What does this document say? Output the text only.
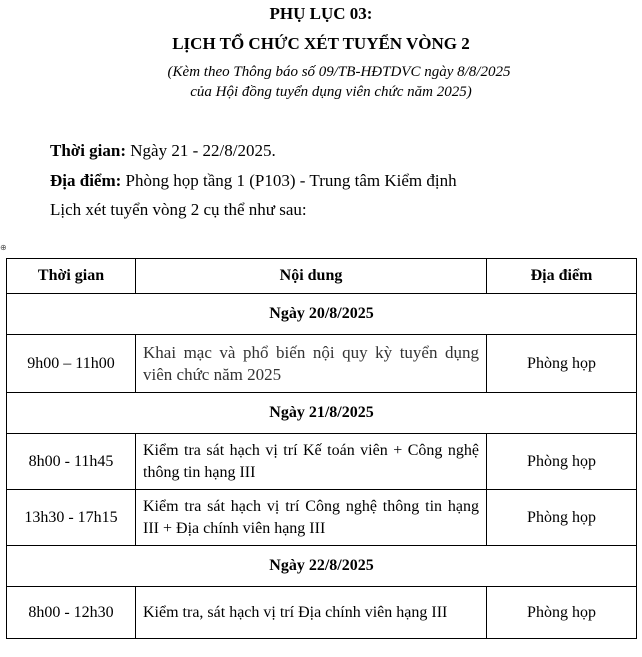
PHỤ LỤC 03:
LỊCH TỔ CHỨC XÉT TUYỂN VÒNG 2
(Kèm theo Thông báo số 09/TB-HĐTDVC ngày 8/8/2025
của Hội đồng tuyển dụng viên chức năm 2025)
Thời gian: Ngày 21 - 22/8/2025.
Địa điểm: Phòng họp tầng 1 (P103) - Trung tâm Kiểm định
Lịch xét tuyển vòng 2 cụ thể như sau:
⊕
Thời gian	Nội dung	Địa điểm
Ngày 20/8/2025		
9h00 – 11h00	Khai mạc và phổ biến nội quy kỳ tuyển dụng viên chức năm 2025	Phòng họp
Ngày 21/8/2025		
8h00 - 11h45	Kiểm tra sát hạch vị trí Kế toán viên + Công nghệ thông tin hạng III	Phòng họp
13h30 - 17h15	Kiểm tra sát hạch vị trí Công nghệ thông tin hạng III + Địa chính viên hạng III	Phòng họp
Ngày 22/8/2025		
8h00 - 12h30	Kiểm tra, sát hạch vị trí Địa chính viên hạng III	Phòng họp
